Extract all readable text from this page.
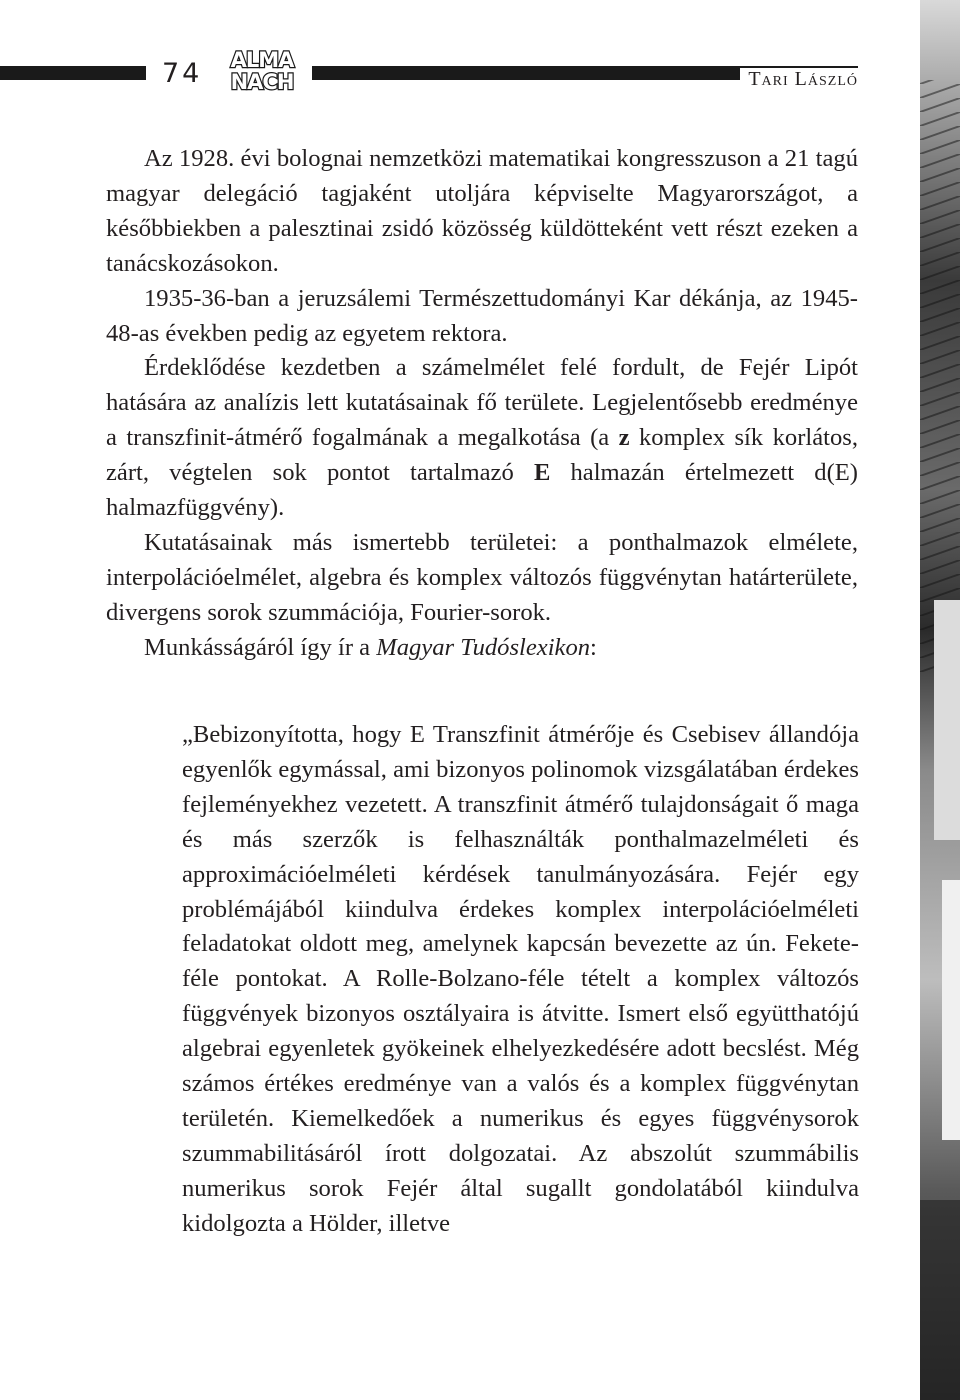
74 ALMA
NACH	Tari László

Az 1928. évi bolognai nemzetközi matematikai kongresszuson a 21 tagú magyar delegáció tagjaként utoljára képviselte Magyarországot, a későbbiekben a palesztinai zsidó közösség küldötteként vett részt ezeken a tanácskozásokon.

1935-36-ban a jeruzsálemi Természettudományi Kar dékánja, az 1945-48-as években pedig az egyetem rektora.

Érdeklődése kezdetben a számelmélet felé fordult, de Fejér Lipót hatására az analízis lett kutatásainak fő területe. Legjelentősebb eredménye a transzfinit-átmérő fogalmának a megalkotása (a z komplex sík korlátos, zárt, végtelen sok pontot tartalmazó E halmazán értelmezett d(E) halmazfüggvény).

Kutatásainak más ismertebb területei: a ponthalmazok elmélete, interpolációelmélet, algebra és komplex változós függvénytan határterülete, divergens sorok szummációja, Fourier-sorok.

Munkásságáról így ír a Magyar Tudóslexikon:

„Bebizonyította, hogy E Transzfinit átmérője és Csebisev állandója egyenlők egymással, ami bizonyos polinomok vizsgálatában érdekes fejleményekhez vezetett. A transzfinit átmérő tulajdonságait ő maga és más szerzők is felhasználták ponthalmazelméleti és approximációelméleti kérdések tanulmányozására. Fejér egy problémájából kiindulva érdekes komplex interpolációelméleti feladatokat oldott meg, amelynek kapcsán bevezette az ún. Fekete-féle pontokat. A Rolle-Bolzano-féle tételt a komplex változós függvények bizonyos osztályaira is átvitte. Ismert első együtthatójú algebrai egyenletek gyökeinek elhelyezkedésére adott becslést. Még számos értékes eredménye van a valós és a komplex függvénytan területén. Kiemelkedőek a numerikus és egyes függvénysorok szummabilitásáról írott dolgozatai. Az abszolút szummábilis numerikus sorok Fejér által sugallt gondolatából kiindulva kidolgozta a Hölder, illetve
